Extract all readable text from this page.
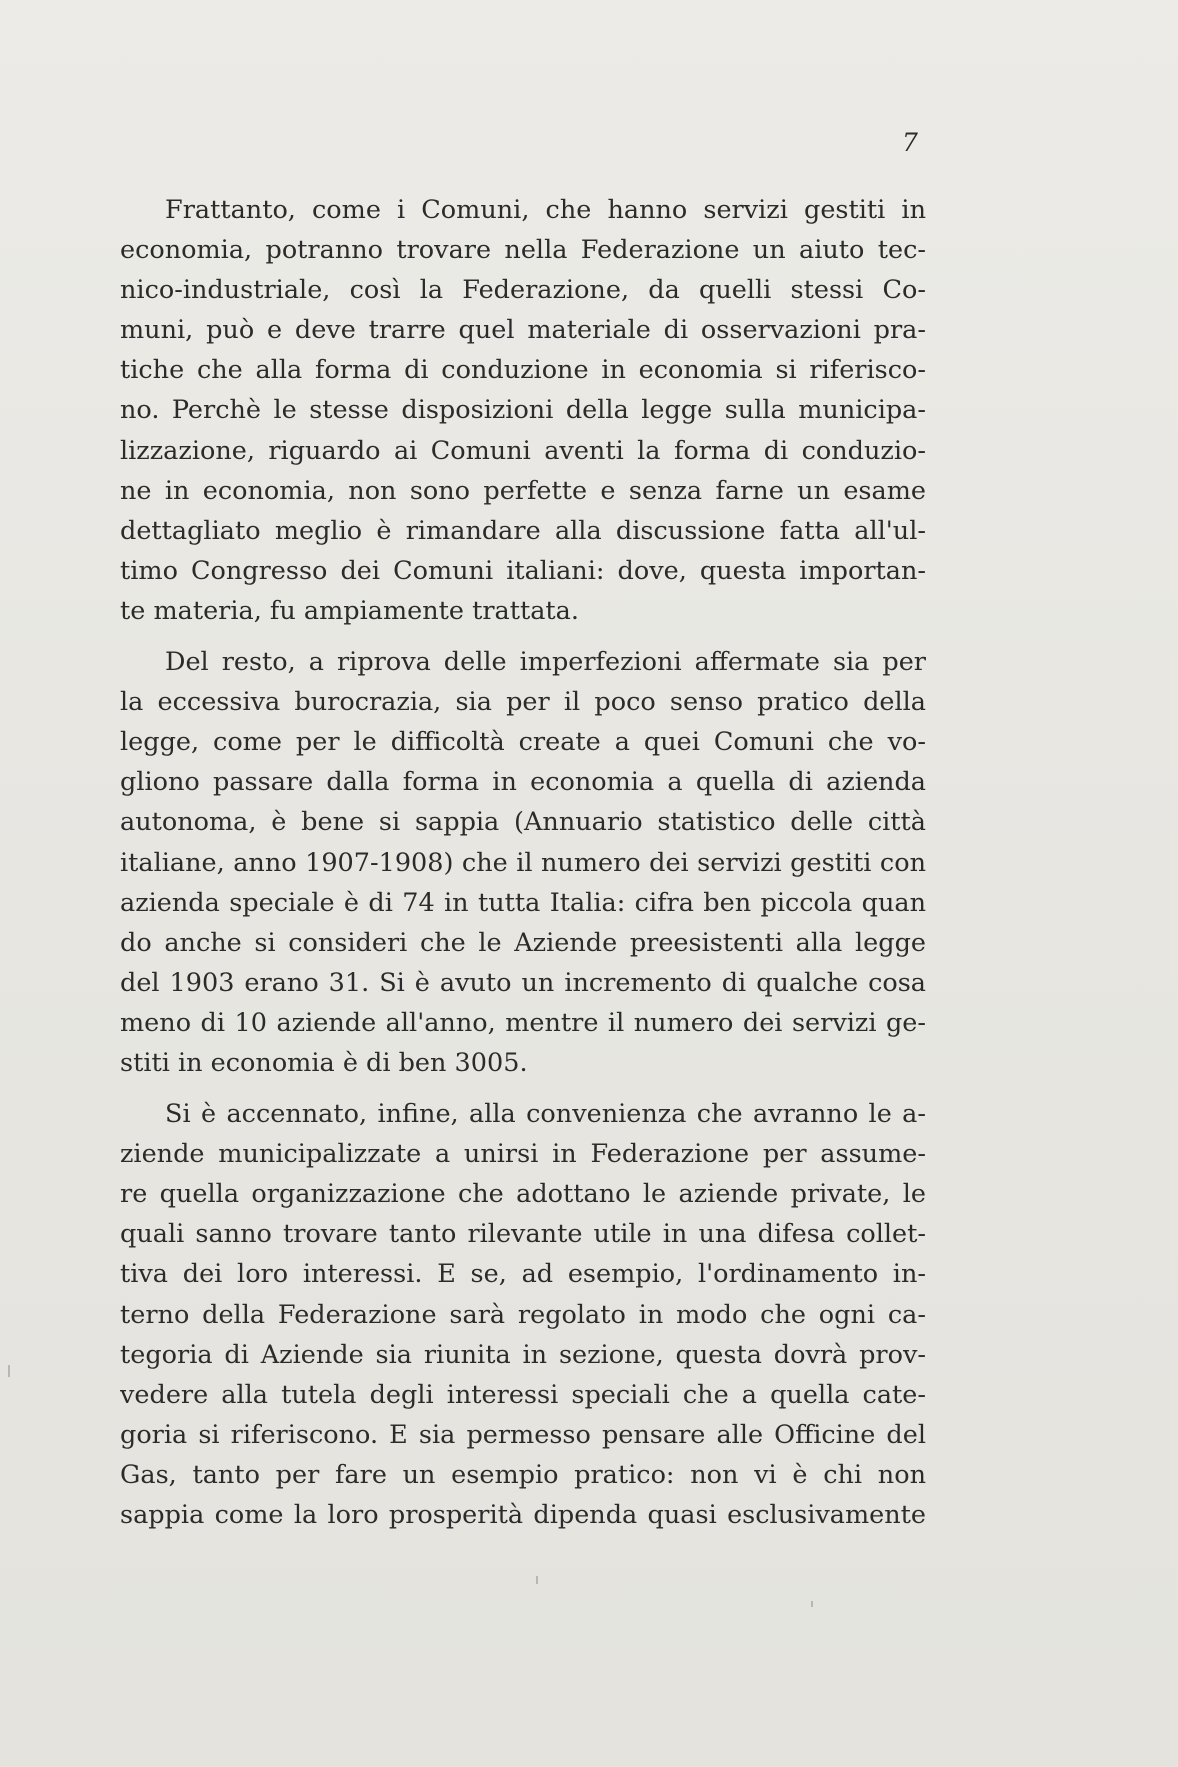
7
Frattanto, come i Comuni, che hanno servizi gestiti in
economia, potranno trovare nella Federazione un aiuto tec-
nico-industriale, così la Federazione, da quelli stessi Co-
muni, può e deve trarre quel materiale di osservazioni pra-
tiche che alla forma di conduzione in economia si riferisco-
no. Perchè le stesse disposizioni della legge sulla municipa-
lizzazione, riguardo ai Comuni aventi la forma di conduzio-
ne in economia, non sono perfette e senza farne un esame
dettagliato meglio è rimandare alla discussione fatta all'ul-
timo Congresso dei Comuni italiani: dove, questa importan-
te materia, fu ampiamente trattata.
Del resto, a riprova delle imperfezioni affermate sia per
la eccessiva burocrazia, sia per il poco senso pratico della
legge, come per le difficoltà create a quei Comuni che vo-
gliono passare dalla forma in economia a quella di azienda
autonoma, è bene si sappia (Annuario statistico delle città
italiane, anno 1907-1908) che il numero dei servizi gestiti con
azienda speciale è di 74 in tutta Italia: cifra ben piccola quan
do anche si consideri che le Aziende preesistenti alla legge
del 1903 erano 31. Si è avuto un incremento di qualche cosa
meno di 10 aziende all'anno, mentre il numero dei servizi ge-
stiti in economia è di ben 3005.
Si è accennato, infine, alla convenienza che avranno le a-
ziende municipalizzate a unirsi in Federazione per assume-
re quella organizzazione che adottano le aziende private, le
quali sanno trovare tanto rilevante utile in una difesa collet-
tiva dei loro interessi. E se, ad esempio, l'ordinamento in-
terno della Federazione sarà regolato in modo che ogni ca-
tegoria di Aziende sia riunita in sezione, questa dovrà prov-
vedere alla tutela degli interessi speciali che a quella cate-
goria si riferiscono. E sia permesso pensare alle Officine del
Gas, tanto per fare un esempio pratico: non vi è chi non
sappia come la loro prosperità dipenda quasi esclusivamente
